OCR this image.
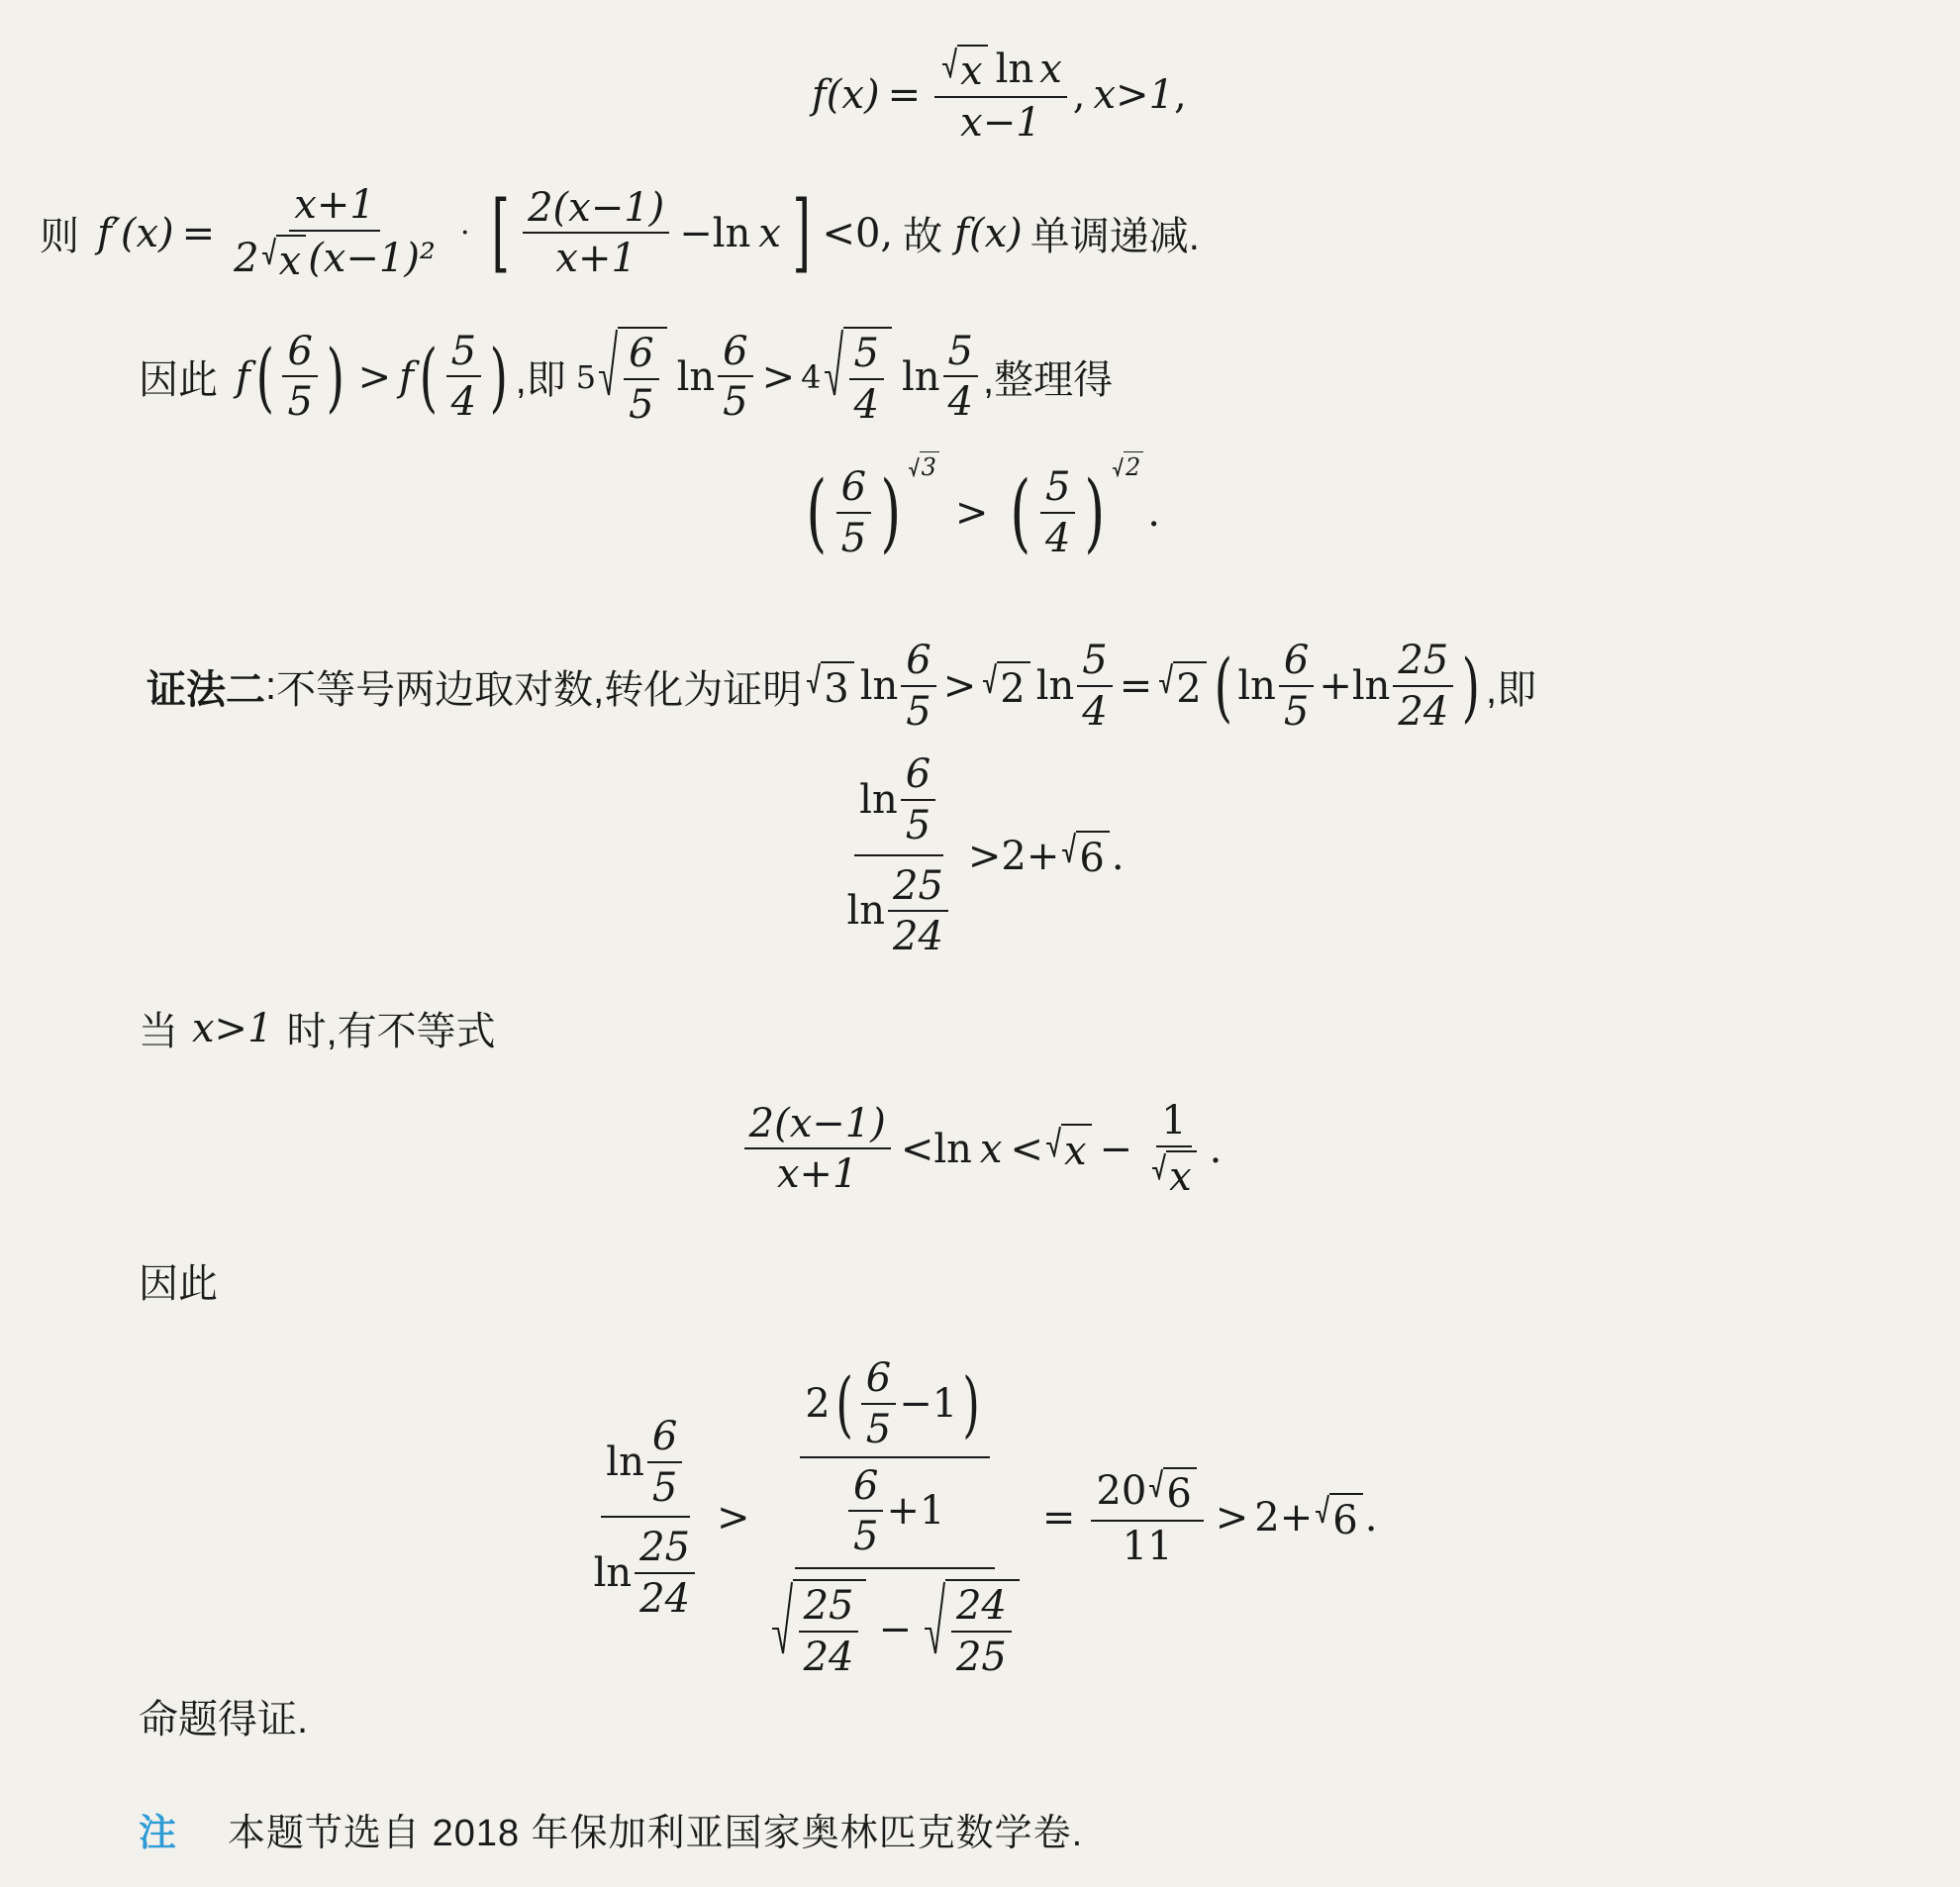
$f(x) = \frac{\text{x ln x}}{x-1}$ , x>1 ,
则 f′(x) =
x+1
2 x (x−1)²
· [ $\frac{2(x-1)}{x+1} -\ln$ x ] <0, 故 f(x) 单调递减.
因此 f ( $\frac{6}{5}$ ) > f ( $\frac{5}{4}$ ) ,即 $5 \frac{6}{5}$ $\ln \frac{6}{5} > 4 \frac{5}{4}$ $\ln \frac{5}{4}$ ,整理得
( $\frac{6}{5}$ ) 3
> ( $\frac{5}{4}$ ) 2
.
证法二 : 不等号两边取对数,转化为证明 3 $\ln \frac{6}{5} > 2$ $\ln \frac{5}{4} = 2$ ( $\ln \frac{6}{5} +\ln \frac{25}{24}$ ) ,即
$\frac{\ln \frac{6}{5}}{\ln \frac{25}{24}} > 2+ 6$ .
当 x>1 时,有不等式
$\frac{2(x-1)}{x+1} <\ln$ $x < x - \frac{1}{x}$ .
因此
$\frac{\ln \frac{6}{5}}{\ln \frac{25}{24}}$ >
2 ( $\frac{6}{5} -1$ )
$\frac{6}{5} +1$
$\frac{25}{24} - \frac{24}{25}$
= $\frac{20 6}{11} > 2+ 6$ .
命题得证.
注 本题节选自 2018 年保加利亚国家奥林匹克数学卷.
